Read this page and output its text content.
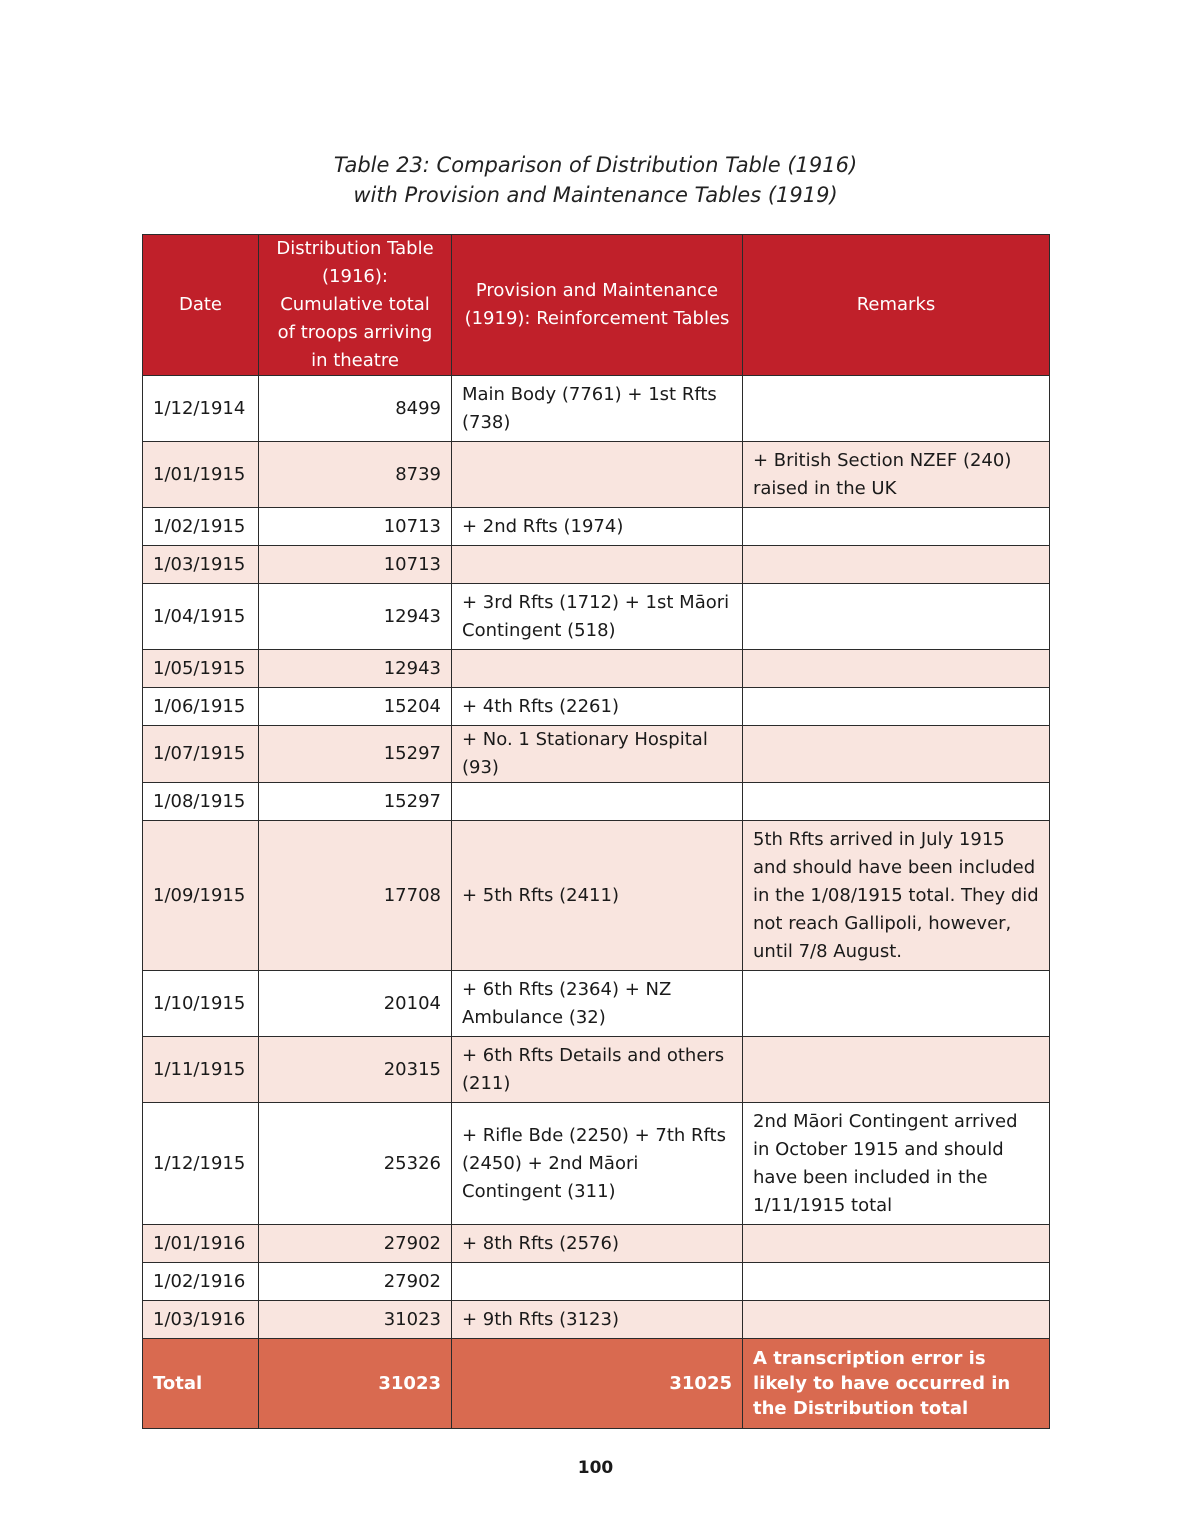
Table 23: Comparison of Distribution Table (1916)
with Provision and Maintenance Tables (1919)
Date	Distribution Table (1916): Cumulative total of troops arriving in theatre	Provision and Maintenance (1919): Reinforcement Tables	Remarks
1/12/1914	8499	Main Body (7761) + 1st Rfts (738)	
1/01/1915	8739		+ British Section NZEF (240) raised in the UK
1/02/1915	10713	+ 2nd Rfts (1974)	
1/03/1915	10713		
1/04/1915	12943	+ 3rd Rfts (1712) + 1st Māori Contingent (518)	
1/05/1915	12943		
1/06/1915	15204	+ 4th Rfts (2261)	
1/07/1915	15297	+ No. 1 Stationary Hospital (93)	
1/08/1915	15297		
1/09/1915	17708	+ 5th Rfts (2411)	5th Rfts arrived in July 1915 and should have been included in the 1/08/1915 total. They did not reach Gallipoli, however, until 7/8 August.
1/10/1915	20104	+ 6th Rfts (2364) + NZ Ambulance (32)	
1/11/1915	20315	+ 6th Rfts Details and others (211)	
1/12/1915	25326	+ Rifle Bde (2250) + 7th Rfts (2450) + 2nd Māori Contingent (311)	2nd Māori Contingent arrived in October 1915 and should have been included in the 1/11/1915 total
1/01/1916	27902	+ 8th Rfts (2576)	
1/02/1916	27902		
1/03/1916	31023	+ 9th Rfts (3123)	
Total	31023	31025	A transcription error is likely to have occurred in the Distribution total
100
